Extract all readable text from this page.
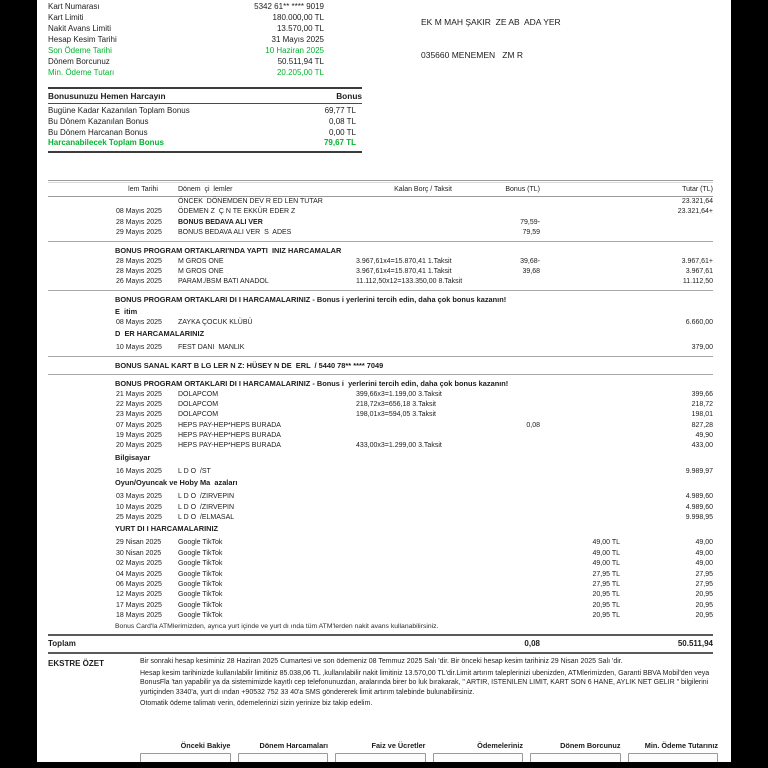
Kart Numarası	5342 61** **** 9019
Kart Limiti	180.000,00 TL
Nakit Avans Limiti	13.570,00 TL
Hesap Kesim Tarihi	31 Mayıs 2025
Son Ödeme Tarihi	10 Haziran 2025
Dönem Borcunuz	50.511,94 TL
Min. Ödeme Tutarı	20.205,00 TL

EK M MAH ŞAKIR  ZE AB  ADA YER

035660 MENEMEN   ZM R

Bonusunuzu Hemen Harcayın	Bonus
Bugüne Kadar Kazanılan Toplam Bonus	69,77 TL
Bu Dönem Kazanılan Bonus	0,08 TL
Bu Dönem Harcanan Bonus	0,00 TL
Harcanabilecek Toplam Bonus	79,67 TL
lem Tarihi	Dönem  çi  lemler	Kalan Borç / Taksit	Bonus (TL)	Tutar (TL)
ÖNCEK  DÖNEMDEN DEV R ED LEN TUTAR	23.321,64
08 Mayıs 2025 ÖDEMEN Z  Ç N TE EKKÜR EDER Z	23.321,64+
28 Mayıs 2025 BONUS BEDAVA ALI VER	79,59-
29 Mayıs 2025 BONUS BEDAVA ALI VER  S  ADES	79,59
BONUS PROGRAM ORTAKLARI'NDA YAPTI  INIZ HARCAMALAR
28 Mayıs 2025 M GROS ONE	3.967,61x4=15.870,41 1.Taksit	39,68-	3.967,61+
28 Mayıs 2025 M GROS ONE	3.967,61x4=15.870,41 1.Taksit	39,68	3.967,61
26 Mayıs 2025 PARAM./BSM BATI ANADOL	11.112,50x12=133.350,00 8.Taksit	11.112,50
BONUS PROGRAM ORTAKLARI DI I HARCAMALARINIZ - Bonus i yerlerini tercih edin, daha çok bonus kazanın!
E  itim
08 Mayıs 2025 ZAYKA ÇOCUK KLÜBÜ	6.660,00
D  ER HARCAMALARINIZ
10 Mayıs 2025 FEST DANI  MANLIK	379,00
BONUS SANAL KART B LG LER N Z: HÜSEY N DE  ERL  / 5440 78** **** 7049
BONUS PROGRAM ORTAKLARI DI I HARCAMALARINIZ - Bonus i  yerlerini tercih edin, daha çok bonus kazanın!
21 Mayıs 2025 DOLAPCOM	399,66x3=1.199,00 3.Taksit	399,66
22 Mayıs 2025 DOLAPCOM	218,72x3=656,18 3.Taksit	218,72
23 Mayıs 2025 DOLAPCOM	198,01x3=594,05 3.Taksit	198,01
07 Mayıs 2025 HEPS PAY-HEP*HEPS BURADA	0,08	827,28
19 Mayıs 2025 HEPS PAY-HEP*HEPS BURADA	49,90
20 Mayıs 2025 HEPS PAY-HEP*HEPS BURADA	433,00x3=1.299,00 3.Taksit	433,00
Bilgisayar
16 Mayıs 2025 L D O  /ST	9.989,97
Oyun/Oyuncak ve Hoby Ma  azaları
03 Mayıs 2025 L D O  /ZIRVEPIN	4.989,60
10 Mayıs 2025 L D O  /ZIRVEPIN	4.989,60
25 Mayıs 2025 L D O  /ELMASAL	9.998,95
YURT DI I HARCAMALARINIZ
29 Nisan 2025 Google TikTok	49,00 TL	49,00
30 Nisan 2025 Google TikTok	49,00 TL	49,00
02 Mayıs 2025 Google TikTok	49,00 TL	49,00
04 Mayıs 2025 Google TikTok	27,95 TL	27,95
06 Mayıs 2025 Google TikTok	27,95 TL	27,95
12 Mayıs 2025 Google TikTok	20,95 TL	20,95
17 Mayıs 2025 Google TikTok	20,95 TL	20,95
18 Mayıs 2025 Google TikTok	20,95 TL	20,95
Bonus Card'la ATMlerimizden, ayrıca yurt içinde ve yurt dı ında tüm ATM'lerden nakit avans kullanabilirsiniz.
Toplam	0,08	50.511,94
EKSTRE ÖZET	Bir sonraki hesap kesiminiz 28 Haziran 2025 Cumartesi ve son ödemeniz 08 Temmuz 2025 Salı 'dir. Bir önceki hesap kesim tarihiniz 29 Nisan 2025 Salı 'dir.

Hesap kesim tarihinizde kullanılabilir limitiniz 85.038,06 TL ,kullanılabilir nakit limitiniz 13.570,00 TL'dir.Limit artırım taleplerinizi ubenizden, ATMlerimizden, Garanti BBVA Mobil'den veya BonusFla 'tan yapabilir ya da sistemimizde kayıtlı cep telefonunuzdan, aralarında birer bo luk bırakarak, " ARTIR, ISTENILEN LIMIT, KART SON 6 HANE, AYLIK NET GELIR " bilgilerini yurtiçinden 3340'a, yurt dı ından +90532 752 33 40'a SMS göndererek limit artırım talebinde bulunabilirsiniz.

Otomatik ödeme talimatı verin, ödemelerinizi sizin yerinize biz takip edelim.

Önceki Bakiye	Dönem Harcamaları	Faiz ve Ücretler	Ödemeleriniz	Dönem Borcunuz	Min. Ödeme Tutarınız
